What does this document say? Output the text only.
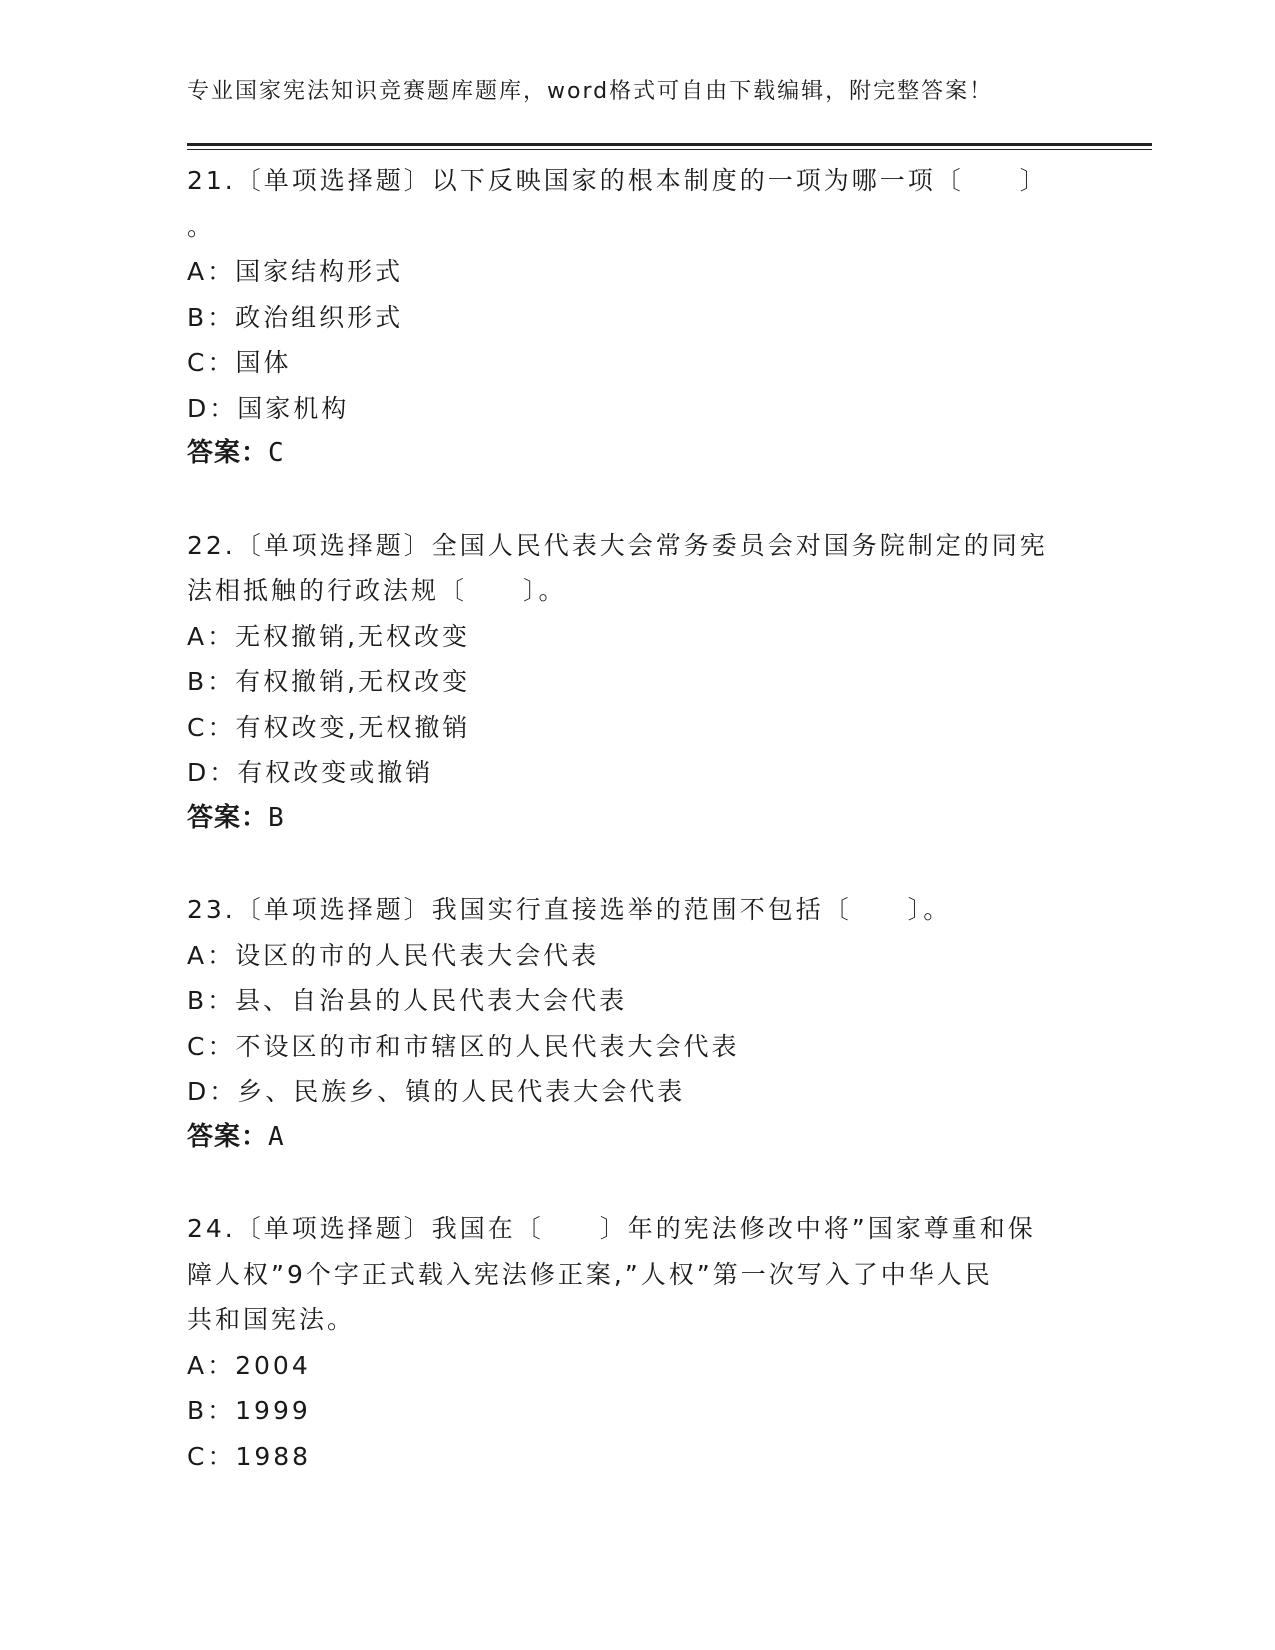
专业国家宪法知识竞赛题库题库，word格式可自由下载编辑，附完整答案！
21.〔单项选择题〕以下反映国家的根本制度的一项为哪一项〔　　〕
。
A：国家结构形式
B：政治组织形式
C：国体
D：国家机构
答案：C
22.〔单项选择题〕全国人民代表大会常务委员会对国务院制定的同宪
法相抵触的行政法规〔　　〕。
A：无权撤销,无权改变
B：有权撤销,无权改变
C：有权改变,无权撤销
D：有权改变或撤销
答案：B
23.〔单项选择题〕我国实行直接选举的范围不包括〔　　〕。
A：设区的市的人民代表大会代表
B：县、自治县的人民代表大会代表
C：不设区的市和市辖区的人民代表大会代表
D：乡、民族乡、镇的人民代表大会代表
答案：A
24.〔单项选择题〕我国在〔　　〕年的宪法修改中将”国家尊重和保
障人权”9个字正式载入宪法修正案,”人权”第一次写入了中华人民
共和国宪法。
A：2004
B：1999
C：1988
